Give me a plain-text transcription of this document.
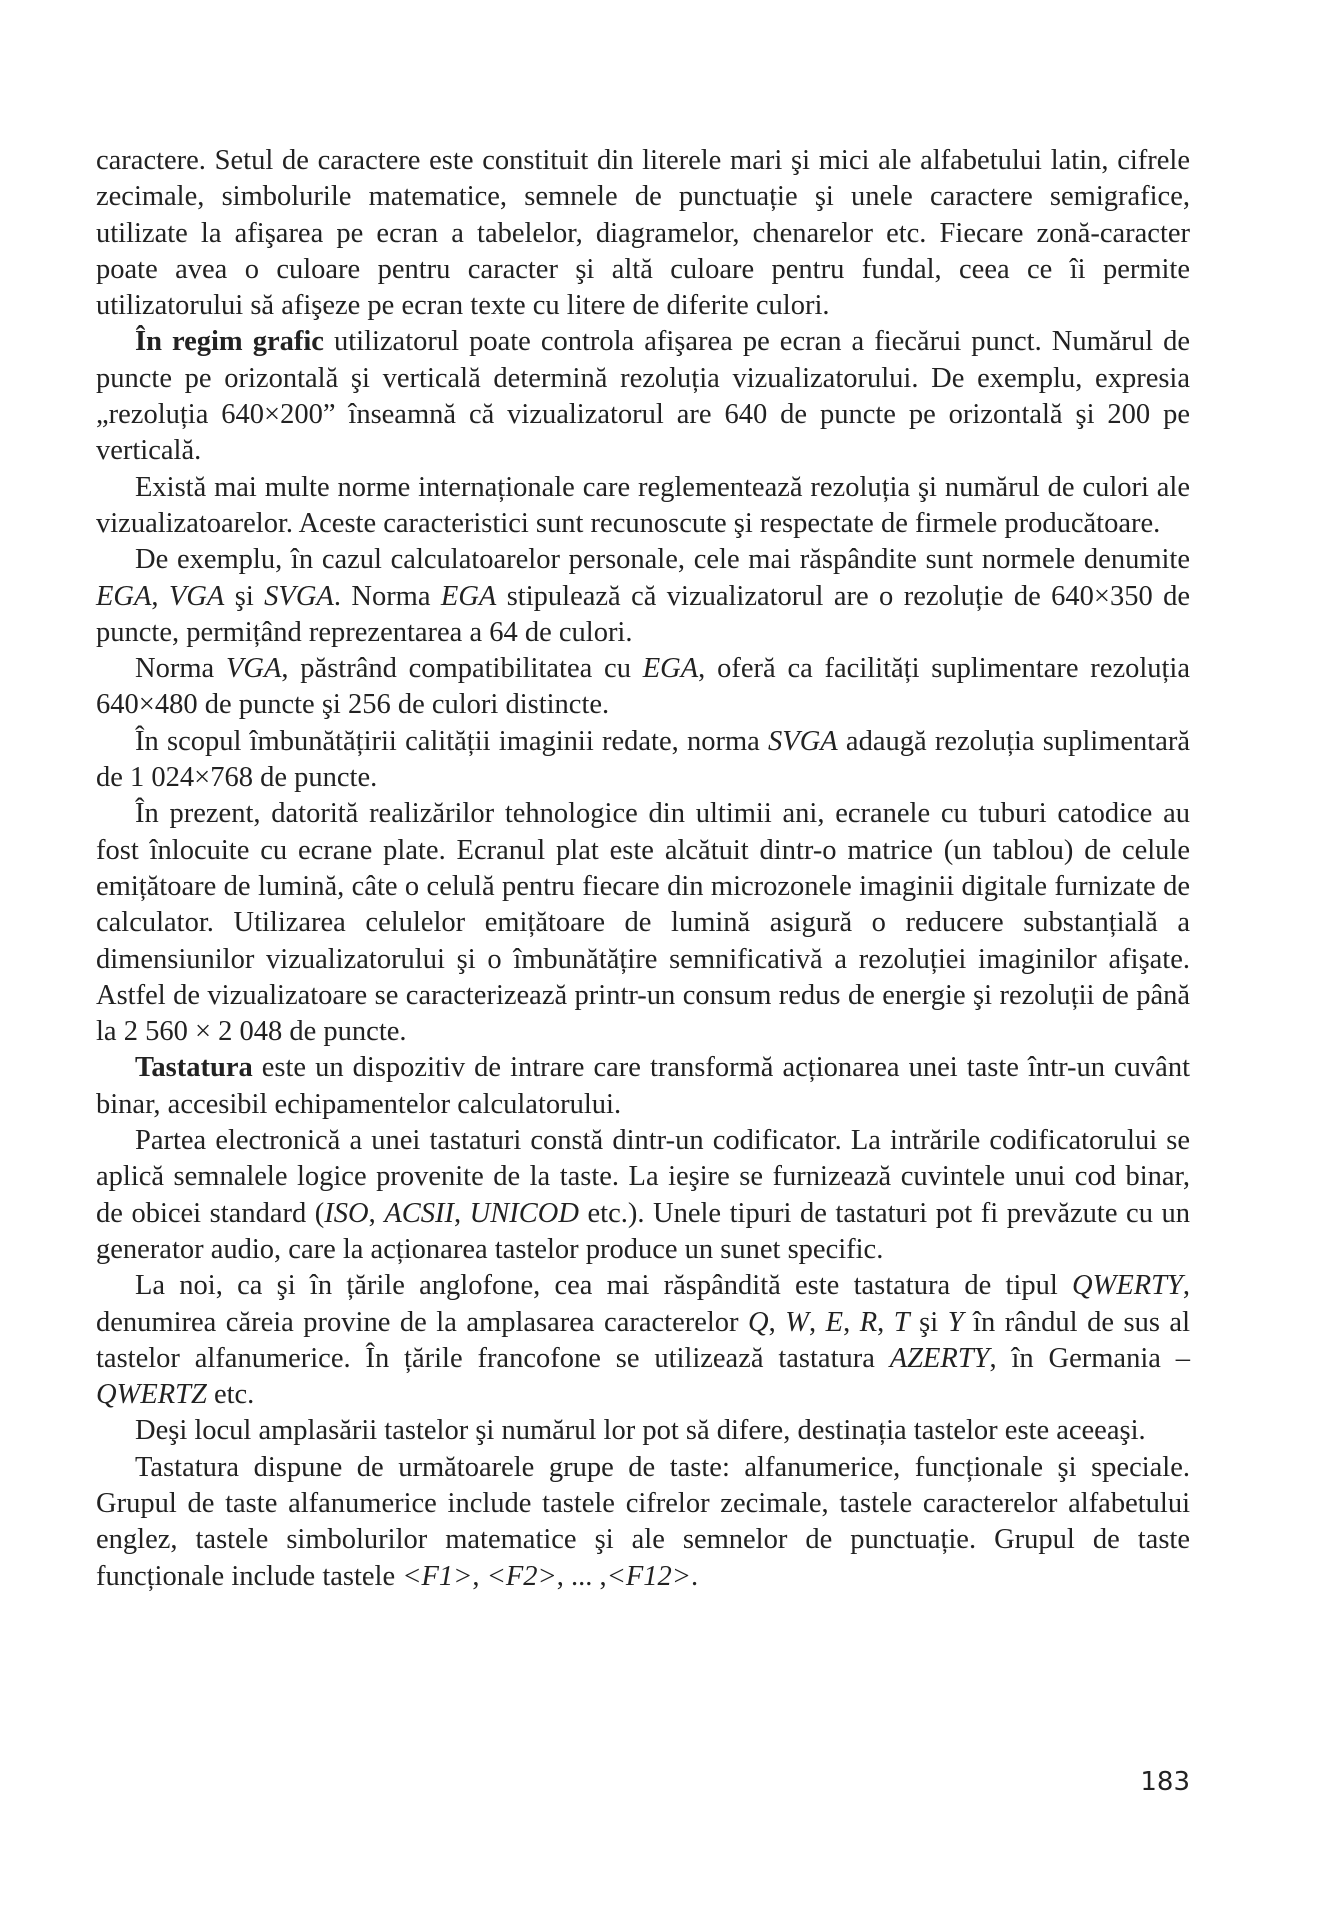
caractere. Setul de caractere este constituit din literele mari şi mici ale alfabetului latin, cifrele zecimale, simbolurile matematice, semnele de punctuație şi unele caractere semigrafice, utilizate la afişarea pe ecran a tabelelor, diagramelor, chenarelor etc. Fiecare zonă-caracter poate avea o culoare pentru caracter şi altă culoare pentru fundal, ceea ce îi permite utilizatorului să afişeze pe ecran texte cu litere de diferite culori.

În regim grafic utilizatorul poate controla afişarea pe ecran a fiecărui punct. Numărul de puncte pe orizontală şi verticală determină rezoluția vizualizatorului. De exemplu, expresia „rezoluția 640×200” înseamnă că vizualizatorul are 640 de puncte pe orizontală şi 200 pe verticală.

Există mai multe norme internaționale care reglementează rezoluția şi numărul de culori ale vizualizatoarelor. Aceste caracteristici sunt recunoscute şi respectate de firmele producătoare.

De exemplu, în cazul calculatoarelor personale, cele mai răspândite sunt normele denumite EGA, VGA şi SVGA. Norma EGA stipulează că vizualizatorul are o rezoluție de 640×350 de puncte, permițând reprezentarea a 64 de culori.

Norma VGA, păstrând compatibilitatea cu EGA, oferă ca facilități suplimentare rezoluția 640×480 de puncte şi 256 de culori distincte.

În scopul îmbunătățirii calității imaginii redate, norma SVGA adaugă rezoluția suplimentară de 1 024×768 de puncte.

În prezent, datorită realizărilor tehnologice din ultimii ani, ecranele cu tuburi catodice au fost înlocuite cu ecrane plate. Ecranul plat este alcătuit dintr-o matrice (un tablou) de celule emițătoare de lumină, câte o celulă pentru fiecare din microzonele imaginii digitale furnizate de calculator. Utilizarea celulelor emițătoare de lumină asigură o reducere substanțială a dimensiunilor vizualizatorului şi o îmbunătățire semnificativă a rezoluției imaginilor afişate. Astfel de vizualizatoare se caracterizează printr-un consum redus de energie şi rezoluții de până la 2 560 × 2 048 de puncte.

Tastatura este un dispozitiv de intrare care transformă acționarea unei taste într-un cuvânt binar, accesibil echipamentelor calculatorului.

Partea electronică a unei tastaturi constă dintr-un codificator. La intrările codificatorului se aplică semnalele logice provenite de la taste. La ieşire se furnizează cuvintele unui cod binar, de obicei standard (ISO, ACSII, UNICOD etc.). Unele tipuri de tastaturi pot fi prevăzute cu un generator audio, care la acționarea tastelor produce un sunet specific.

La noi, ca şi în țările anglofone, cea mai răspândită este tastatura de tipul QWERTY, denumirea căreia provine de la amplasarea caracterelor Q, W, E, R, T şi Y în rândul de sus al tastelor alfanumerice. În țările francofone se utilizează tastatura AZERTY, în Germania – QWERTZ etc.

Deşi locul amplasării tastelor şi numărul lor pot să difere, destinația tastelor este aceeaşi.

Tastatura dispune de următoarele grupe de taste: alfanumerice, funcționale şi speciale. Grupul de taste alfanumerice include tastele cifrelor zecimale, tastele caracterelor alfabetului englez, tastele simbolurilor matematice şi ale semnelor de punctuație. Grupul de taste funcționale include tastele <F1>, <F2>, ... ,<F12>.

183
